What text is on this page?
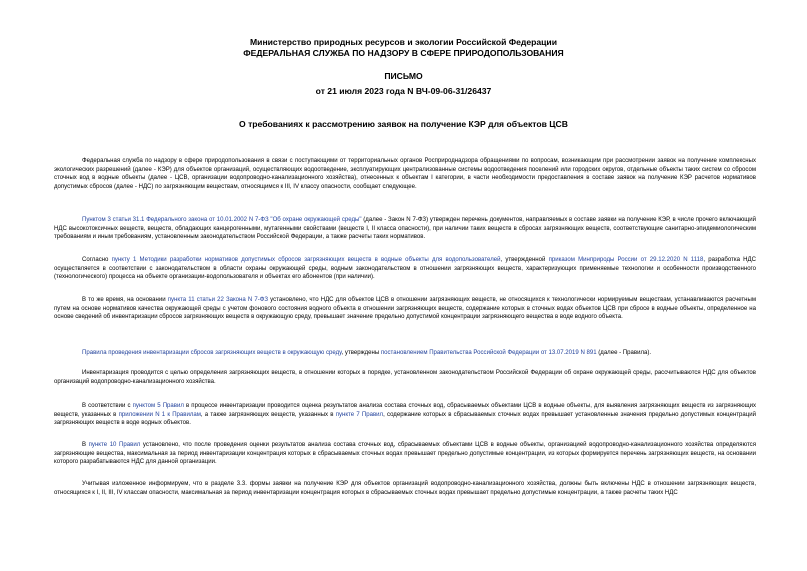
Министерство природных ресурсов и экологии Российской Федерации
ФЕДЕРАЛЬНАЯ СЛУЖБА ПО НАДЗОРУ В СФЕРЕ ПРИРОДОПОЛЬЗОВАНИЯ
ПИСЬМО
от 21 июля 2023 года N ВЧ-09-06-31/26437
О требованиях к рассмотрению заявок на получение КЭР для объектов ЦСВ
Федеральная служба по надзору в сфере природопользования в связи с поступающими от территориальных органов Росприроднадзора обращениями по вопросам, возникающим при рассмотрении заявок на получение комплексных экологических разрешений (далее - КЭР) для объектов организаций, осуществляющих водоотведение, эксплуатирующих централизованные системы водоотведения поселений или городских округов, отдельные объекты таких систем со сбросом сточных вод в водные объекты (далее - ЦСВ, организации водопроводно-канализационного хозяйства), отнесенных к объектам I категории, в части необходимости предоставления в составе заявок на получение КЭР расчетов нормативов допустимых сбросов (далее - НДС) по загрязняющим веществам, относящимся к III, IV классу опасности, сообщает следующее.
Пунктом 3 статьи 31.1 Федерального закона от 10.01.2002 N 7-ФЗ "Об охране окружающей среды" (далее - Закон N 7-ФЗ) утвержден перечень документов, направляемых в составе заявки на получение КЭР, в числе прочего включающий НДС высокотоксичных веществ, веществ, обладающих канцерогенными, мутагенными свойствами (веществ I, II класса опасности), при наличии таких веществ в сбросах загрязняющих веществ, соответствующие санитарно-эпидемиологическим требованиям и иным требованиям, установленным законодательством Российской Федерации, а также расчеты таких нормативов.
Согласно пункту 1 Методики разработки нормативов допустимых сбросов загрязняющих веществ в водные объекты для водопользователей, утвержденной приказом Минприроды России от 29.12.2020 N 1118, разработка НДС осуществляется в соответствии с законодательством в области охраны окружающей среды, водным законодательством в отношении загрязняющих веществ, характеризующих применяемые технологии и особенности производственного (технологического) процесса на объекте организации-водопользователя и объектах его абонентов (при наличии).
В то же время, на основании пункта 11 статьи 22 Закона N 7-ФЗ установлено, что НДС для объектов ЦСВ в отношении загрязняющих веществ, не относящихся к технологически нормируемым веществам, устанавливаются расчетным путем на основе нормативов качества окружающей среды с учетом фонового состояния водного объекта в отношении загрязняющих веществ, содержание которых в сточных водах объектов ЦСВ при сбросе в водные объекты, определенное на основе сведений об инвентаризации сбросов загрязняющих веществ в окружающую среду, превышает значение предельно допустимой концентрации загрязняющего вещества в воде водного объекта.
Правила проведения инвентаризации сбросов загрязняющих веществ в окружающую среду, утверждены постановлением Правительства Российской Федерации от 13.07.2019 N 891 (далее - Правила).
Инвентаризация проводится с целью определения загрязняющих веществ, в отношении которых в порядке, установленном законодательством Российской Федерации об охране окружающей среды, рассчитываются НДС для объектов организаций водопроводно-канализационного хозяйства.
В соответствии с пунктом 5 Правил в процессе инвентаризации проводится оценка результатов анализа состава сточных вод, сбрасываемых объектами ЦСВ в водные объекты, для выявления загрязняющих веществ из загрязняющих веществ, указанных в приложении N 1 к Правилам, а также загрязняющих веществ, указанных в пункте 7 Правил, содержание которых в сбрасываемых сточных водах превышает установленные значения предельно допустимых концентраций загрязняющих веществ в воде водных объектов.
В пункте 10 Правил установлено, что после проведения оценки результатов анализа состава сточных вод, сбрасываемых объектами ЦСВ в водные объекты, организацией водопроводно-канализационного хозяйства определяются загрязняющие вещества, максимальная за период инвентаризации концентрация которых в сбрасываемых сточных водах превышает предельно допустимые концентрации, из которых формируется перечень загрязняющих веществ, на основании которого разрабатываются НДС для данной организации.
Учитывая изложенное информируем, что в разделе 3.3. формы заявки на получение КЭР для объектов организаций водопроводно-канализационного хозяйства, должны быть включены НДС в отношении загрязняющих веществ, относящихся к I, II, III, IV классам опасности, максимальная за период инвентаризации концентрация которых в сбрасываемых сточных водах превышает предельно допустимые концентрации, а также расчеты таких НДС
